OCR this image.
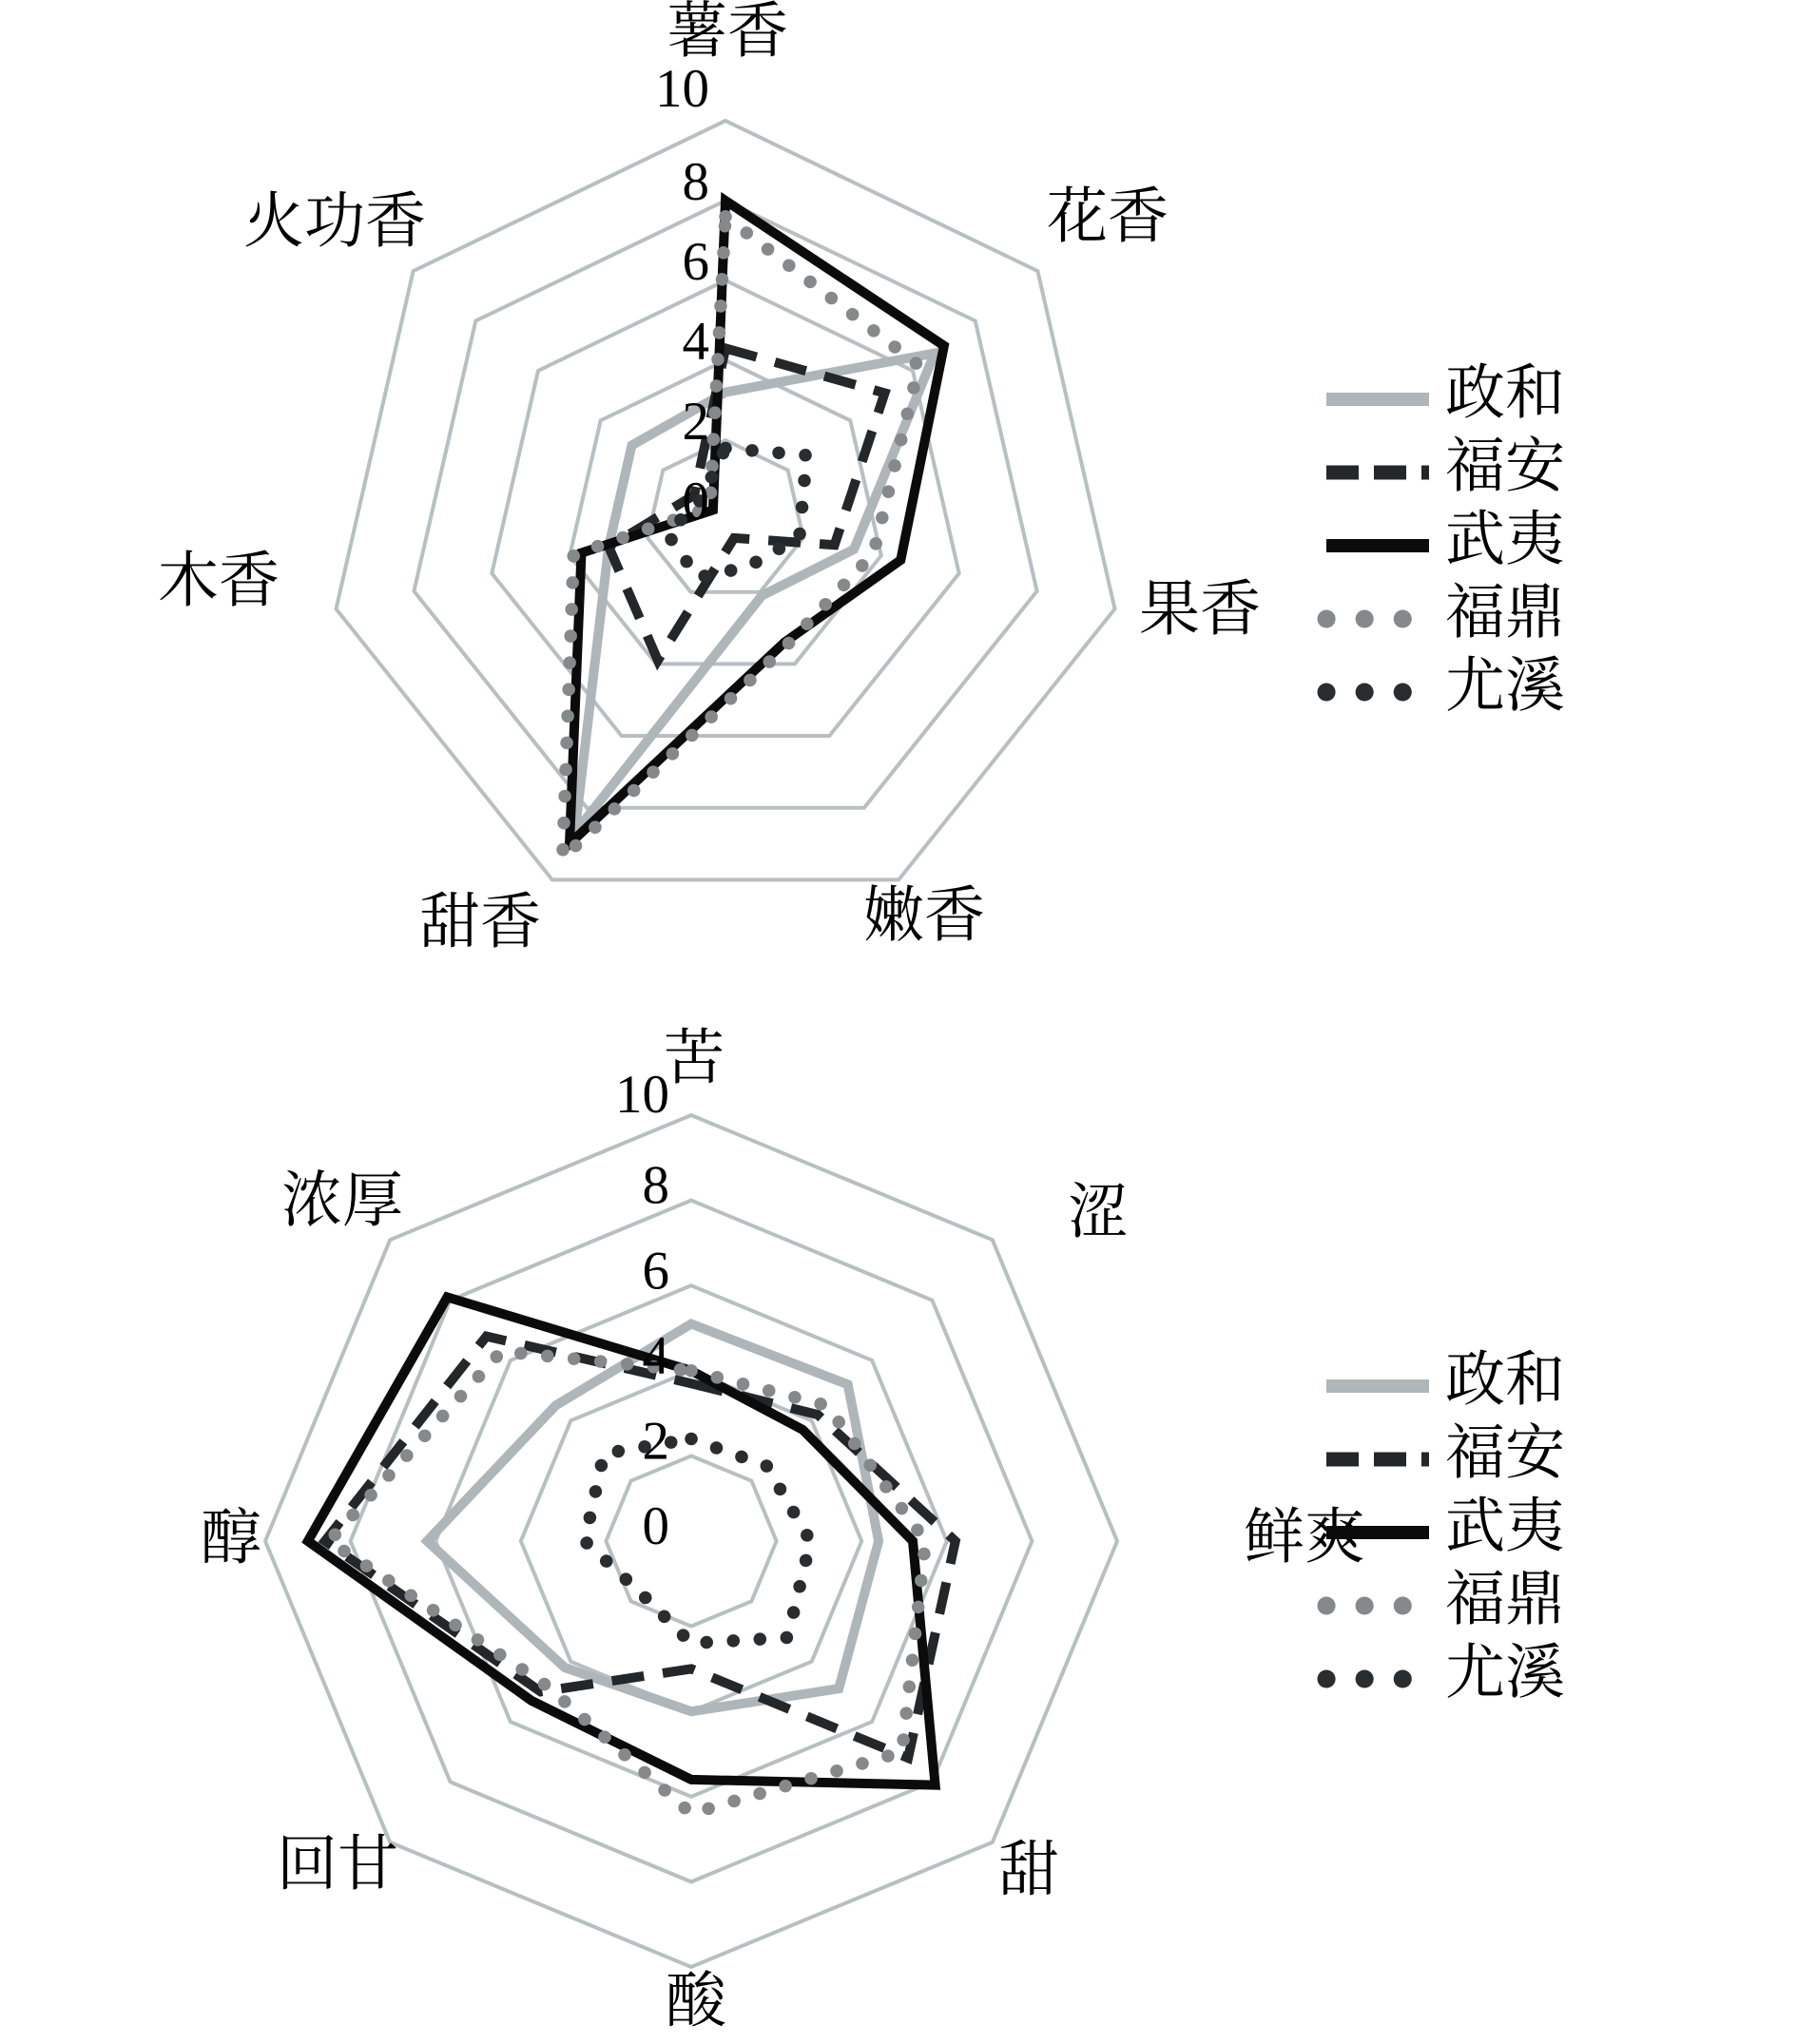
10
8
6
4
2
0
薯香
花香
果香
嫩香
甜香
木香
火功香
政和
福安
武夷
福鼎
尤溪
10
8
6
4
2
0
苦
涩
鲜爽
甜
酸
回甘
醇
浓厚
政和
福安
武夷
福鼎
尤溪
